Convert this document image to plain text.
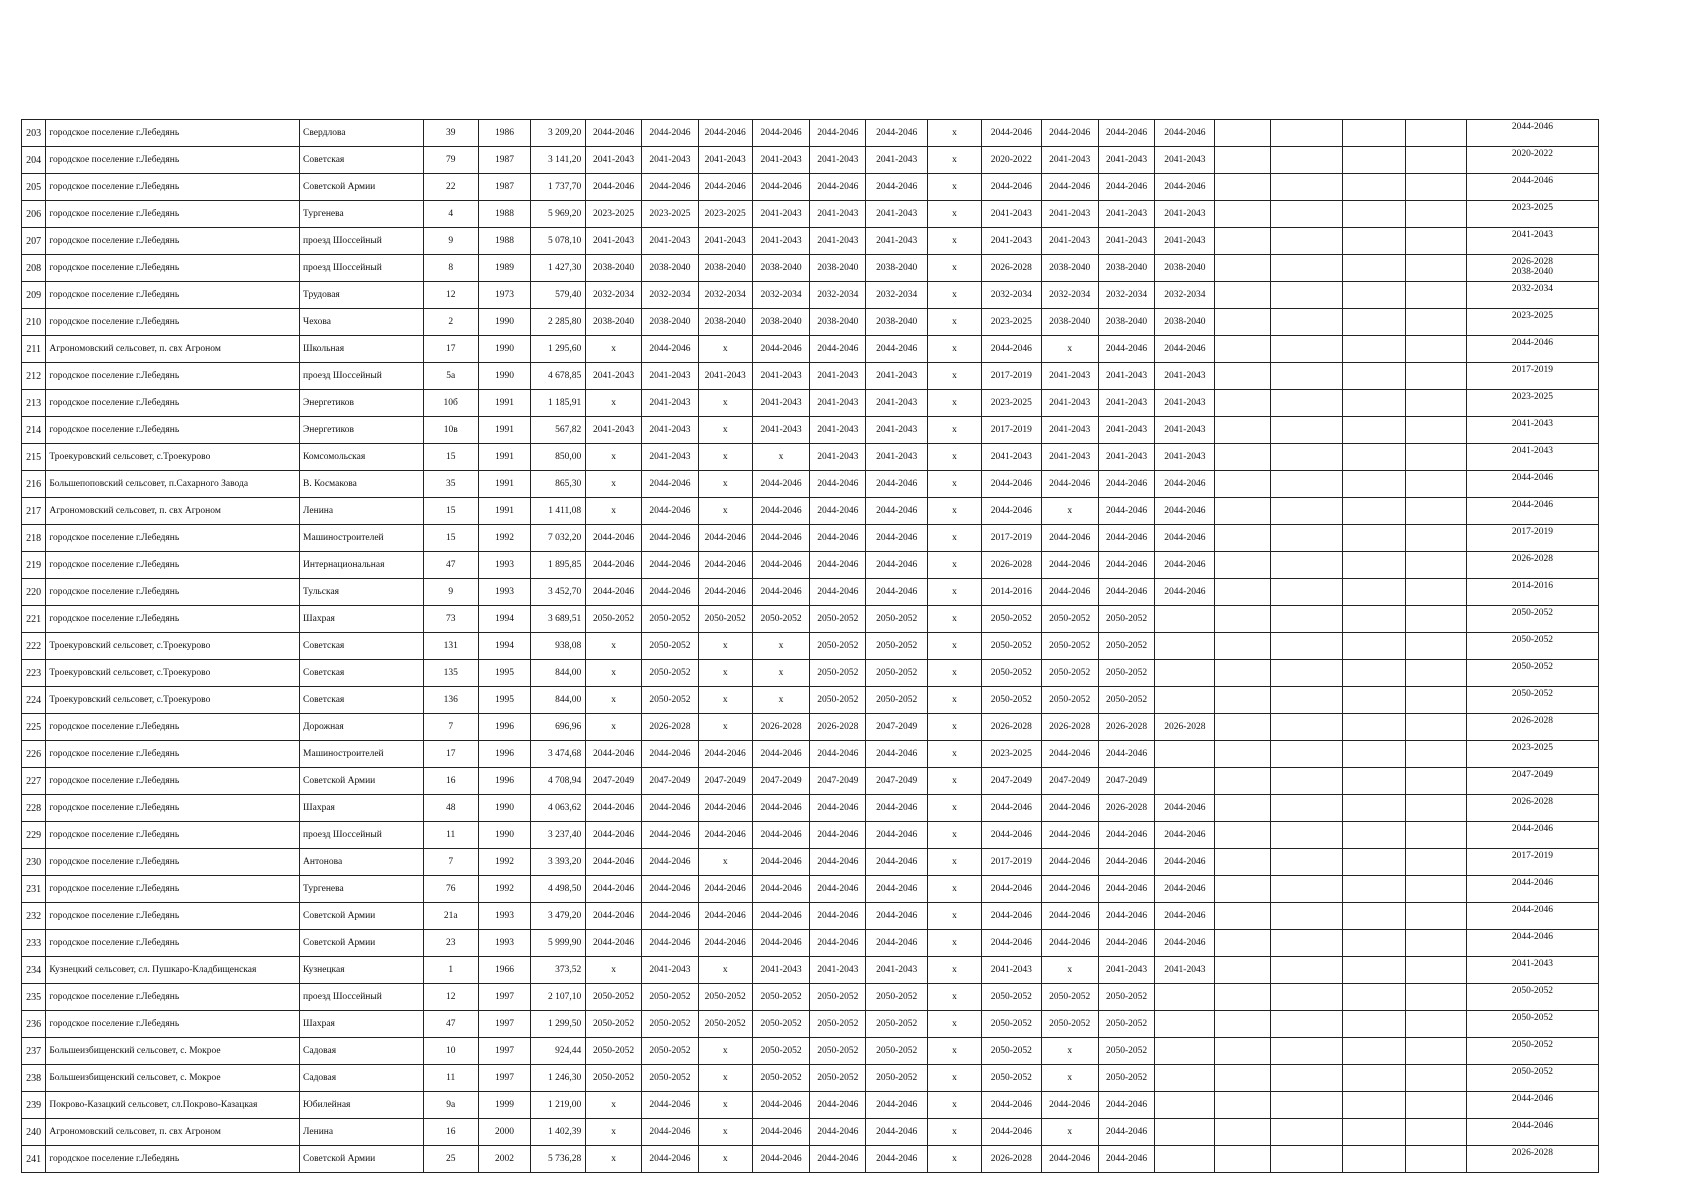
203	городское поселение г.Лебедянь	Свердлова	39	1986	3 209,20	2044-2046	2044-2046	2044-2046	2044-2046	2044-2046	2044-2046	х	2044-2046	2044-2046	2044-2046	2044-2046					2044-2046
204	городское поселение г.Лебедянь	Советская	79	1987	3 141,20	2041-2043	2041-2043	2041-2043	2041-2043	2041-2043	2041-2043	х	2020-2022	2041-2043	2041-2043	2041-2043					2020-2022
205	городское поселение г.Лебедянь	Советской Армии	22	1987	1 737,70	2044-2046	2044-2046	2044-2046	2044-2046	2044-2046	2044-2046	х	2044-2046	2044-2046	2044-2046	2044-2046					2044-2046
206	городское поселение г.Лебедянь	Тургенева	4	1988	5 969,20	2023-2025	2023-2025	2023-2025	2041-2043	2041-2043	2041-2043	х	2041-2043	2041-2043	2041-2043	2041-2043					2023-2025
207	городское поселение г.Лебедянь	проезд Шоссейный	9	1988	5 078,10	2041-2043	2041-2043	2041-2043	2041-2043	2041-2043	2041-2043	х	2041-2043	2041-2043	2041-2043	2041-2043					2041-2043
208	городское поселение г.Лебедянь	проезд Шоссейный	8	1989	1 427,30	2038-2040	2038-2040	2038-2040	2038-2040	2038-2040	2038-2040	х	2026-2028	2038-2040	2038-2040	2038-2040					2026-2028
2038-2040
209	городское поселение г.Лебедянь	Трудовая	12	1973	579,40	2032-2034	2032-2034	2032-2034	2032-2034	2032-2034	2032-2034	х	2032-2034	2032-2034	2032-2034	2032-2034					2032-2034
210	городское поселение г.Лебедянь	Чехова	2	1990	2 285,80	2038-2040	2038-2040	2038-2040	2038-2040	2038-2040	2038-2040	х	2023-2025	2038-2040	2038-2040	2038-2040					2023-2025
211	Агрономовский сельсовет, п. свх Агроном	Школьная	17	1990	1 295,60	х	2044-2046	х	2044-2046	2044-2046	2044-2046	х	2044-2046	х	2044-2046	2044-2046					2044-2046
212	городское поселение г.Лебедянь	проезд Шоссейный	5а	1990	4 678,85	2041-2043	2041-2043	2041-2043	2041-2043	2041-2043	2041-2043	х	2017-2019	2041-2043	2041-2043	2041-2043					2017-2019
213	городское поселение г.Лебедянь	Энергетиков	10б	1991	1 185,91	х	2041-2043	х	2041-2043	2041-2043	2041-2043	х	2023-2025	2041-2043	2041-2043	2041-2043					2023-2025
214	городское поселение г.Лебедянь	Энергетиков	10в	1991	567,82	2041-2043	2041-2043	х	2041-2043	2041-2043	2041-2043	х	2017-2019	2041-2043	2041-2043	2041-2043					2041-2043
215	Троекуровский сельсовет, с.Троекурово	Комсомольская	15	1991	850,00	х	2041-2043	х	х	2041-2043	2041-2043	х	2041-2043	2041-2043	2041-2043	2041-2043					2041-2043
216	Большепоповский сельсовет, п.Сахарного Завода	В. Космакова	35	1991	865,30	х	2044-2046	х	2044-2046	2044-2046	2044-2046	х	2044-2046	2044-2046	2044-2046	2044-2046					2044-2046
217	Агрономовский сельсовет, п. свх Агроном	Ленина	15	1991	1 411,08	х	2044-2046	х	2044-2046	2044-2046	2044-2046	х	2044-2046	х	2044-2046	2044-2046					2044-2046
218	городское поселение г.Лебедянь	Машиностроителей	15	1992	7 032,20	2044-2046	2044-2046	2044-2046	2044-2046	2044-2046	2044-2046	х	2017-2019	2044-2046	2044-2046	2044-2046					2017-2019
219	городское поселение г.Лебедянь	Интернациональная	47	1993	1 895,85	2044-2046	2044-2046	2044-2046	2044-2046	2044-2046	2044-2046	х	2026-2028	2044-2046	2044-2046	2044-2046					2026-2028
220	городское поселение г.Лебедянь	Тульская	9	1993	3 452,70	2044-2046	2044-2046	2044-2046	2044-2046	2044-2046	2044-2046	х	2014-2016	2044-2046	2044-2046	2044-2046					2014-2016
221	городское поселение г.Лебедянь	Шахрая	73	1994	3 689,51	2050-2052	2050-2052	2050-2052	2050-2052	2050-2052	2050-2052	х	2050-2052	2050-2052	2050-2052						2050-2052
222	Троекуровский сельсовет, с.Троекурово	Советская	131	1994	938,08	х	2050-2052	х	х	2050-2052	2050-2052	х	2050-2052	2050-2052	2050-2052						2050-2052
223	Троекуровский сельсовет, с.Троекурово	Советская	135	1995	844,00	х	2050-2052	х	х	2050-2052	2050-2052	х	2050-2052	2050-2052	2050-2052						2050-2052
224	Троекуровский сельсовет, с.Троекурово	Советская	136	1995	844,00	х	2050-2052	х	х	2050-2052	2050-2052	х	2050-2052	2050-2052	2050-2052						2050-2052
225	городское поселение г.Лебедянь	Дорожная	7	1996	696,96	х	2026-2028	х	2026-2028	2026-2028	2047-2049	х	2026-2028	2026-2028	2026-2028	2026-2028					2026-2028
226	городское поселение г.Лебедянь	Машиностроителей	17	1996	3 474,68	2044-2046	2044-2046	2044-2046	2044-2046	2044-2046	2044-2046	х	2023-2025	2044-2046	2044-2046						2023-2025
227	городское поселение г.Лебедянь	Советской Армии	16	1996	4 708,94	2047-2049	2047-2049	2047-2049	2047-2049	2047-2049	2047-2049	х	2047-2049	2047-2049	2047-2049						2047-2049
228	городское поселение г.Лебедянь	Шахрая	48	1990	4 063,62	2044-2046	2044-2046	2044-2046	2044-2046	2044-2046	2044-2046	х	2044-2046	2044-2046	2026-2028	2044-2046					2026-2028
229	городское поселение г.Лебедянь	проезд Шоссейный	11	1990	3 237,40	2044-2046	2044-2046	2044-2046	2044-2046	2044-2046	2044-2046	х	2044-2046	2044-2046	2044-2046	2044-2046					2044-2046
230	городское поселение г.Лебедянь	Антонова	7	1992	3 393,20	2044-2046	2044-2046	х	2044-2046	2044-2046	2044-2046	х	2017-2019	2044-2046	2044-2046	2044-2046					2017-2019
231	городское поселение г.Лебедянь	Тургенева	76	1992	4 498,50	2044-2046	2044-2046	2044-2046	2044-2046	2044-2046	2044-2046	х	2044-2046	2044-2046	2044-2046	2044-2046					2044-2046
232	городское поселение г.Лебедянь	Советской Армии	21а	1993	3 479,20	2044-2046	2044-2046	2044-2046	2044-2046	2044-2046	2044-2046	х	2044-2046	2044-2046	2044-2046	2044-2046					2044-2046
233	городское поселение г.Лебедянь	Советской Армии	23	1993	5 999,90	2044-2046	2044-2046	2044-2046	2044-2046	2044-2046	2044-2046	х	2044-2046	2044-2046	2044-2046	2044-2046					2044-2046
234	Кузнецкий сельсовет, сл. Пушкаро-Кладбищенская	Кузнецкая	1	1966	373,52	х	2041-2043	х	2041-2043	2041-2043	2041-2043	х	2041-2043	х	2041-2043	2041-2043					2041-2043
235	городское поселение г.Лебедянь	проезд Шоссейный	12	1997	2 107,10	2050-2052	2050-2052	2050-2052	2050-2052	2050-2052	2050-2052	х	2050-2052	2050-2052	2050-2052						2050-2052
236	городское поселение г.Лебедянь	Шахрая	47	1997	1 299,50	2050-2052	2050-2052	2050-2052	2050-2052	2050-2052	2050-2052	х	2050-2052	2050-2052	2050-2052						2050-2052
237	Большеизбищенский сельсовет, с. Мокрое	Садовая	10	1997	924,44	2050-2052	2050-2052	х	2050-2052	2050-2052	2050-2052	х	2050-2052	х	2050-2052						2050-2052
238	Большеизбищенский сельсовет, с. Мокрое	Садовая	11	1997	1 246,30	2050-2052	2050-2052	х	2050-2052	2050-2052	2050-2052	х	2050-2052	х	2050-2052						2050-2052
239	Покрово-Казацкий сельсовет, сл.Покрово-Казацкая	Юбилейная	9а	1999	1 219,00	х	2044-2046	х	2044-2046	2044-2046	2044-2046	х	2044-2046	2044-2046	2044-2046						2044-2046
240	Агрономовский сельсовет, п. свх Агроном	Ленина	16	2000	1 402,39	х	2044-2046	х	2044-2046	2044-2046	2044-2046	х	2044-2046	х	2044-2046						2044-2046
241	городское поселение г.Лебедянь	Советской Армии	25	2002	5 736,28	х	2044-2046	х	2044-2046	2044-2046	2044-2046	х	2026-2028	2044-2046	2044-2046						2026-2028
